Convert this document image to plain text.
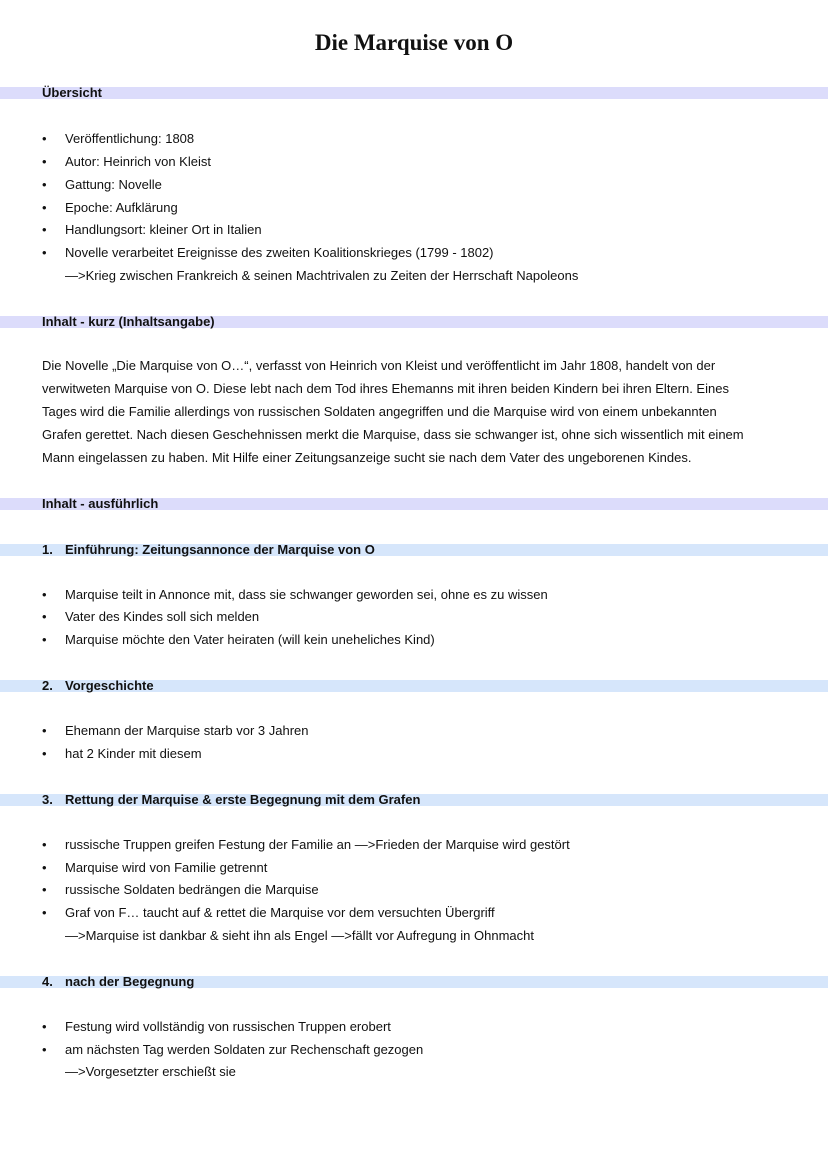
Die Marquise von O
Übersicht
• Veröffentlichung: 1808
• Autor: Heinrich von Kleist
• Gattung: Novelle
• Epoche: Aufklärung
• Handlungsort: kleiner Ort in Italien
• Novelle verarbeitet Ereignisse des zweiten Koalitionskrieges (1799 - 1802)
—>Krieg zwischen Frankreich & seinen Machtrivalen zu Zeiten der Herrschaft Napoleons
Inhalt - kurz (Inhaltsangabe)
Die Novelle „Die Marquise von O…“, verfasst von Heinrich von Kleist und veröffentlicht im Jahr 1808, handelt von der
verwitweten Marquise von O. Diese lebt nach dem Tod ihres Ehemanns mit ihren beiden Kindern bei ihren Eltern. Eines
Tages wird die Familie allerdings von russischen Soldaten angegriffen und die Marquise wird von einem unbekannten
Grafen gerettet. Nach diesen Geschehnissen merkt die Marquise, dass sie schwanger ist, ohne sich wissentlich mit einem
Mann eingelassen zu haben. Mit Hilfe einer Zeitungsanzeige sucht sie nach dem Vater des ungeborenen Kindes.
Inhalt - ausführlich
1. Einführung: Zeitungsannonce der Marquise von O
• Marquise teilt in Annonce mit, dass sie schwanger geworden sei, ohne es zu wissen
• Vater des Kindes soll sich melden
• Marquise möchte den Vater heiraten (will kein uneheliches Kind)
2. Vorgeschichte
• Ehemann der Marquise starb vor 3 Jahren
• hat 2 Kinder mit diesem
3. Rettung der Marquise & erste Begegnung mit dem Grafen
• russische Truppen greifen Festung der Familie an —>Frieden der Marquise wird gestört
• Marquise wird von Familie getrennt
• russische Soldaten bedrängen die Marquise
• Graf von F… taucht auf & rettet die Marquise vor dem versuchten Übergriff
—>Marquise ist dankbar & sieht ihn als Engel —>fällt vor Aufregung in Ohnmacht
4. nach der Begegnung
• Festung wird vollständig von russischen Truppen erobert
• am nächsten Tag werden Soldaten zur Rechenschaft gezogen
—>Vorgesetzter erschießt sie
